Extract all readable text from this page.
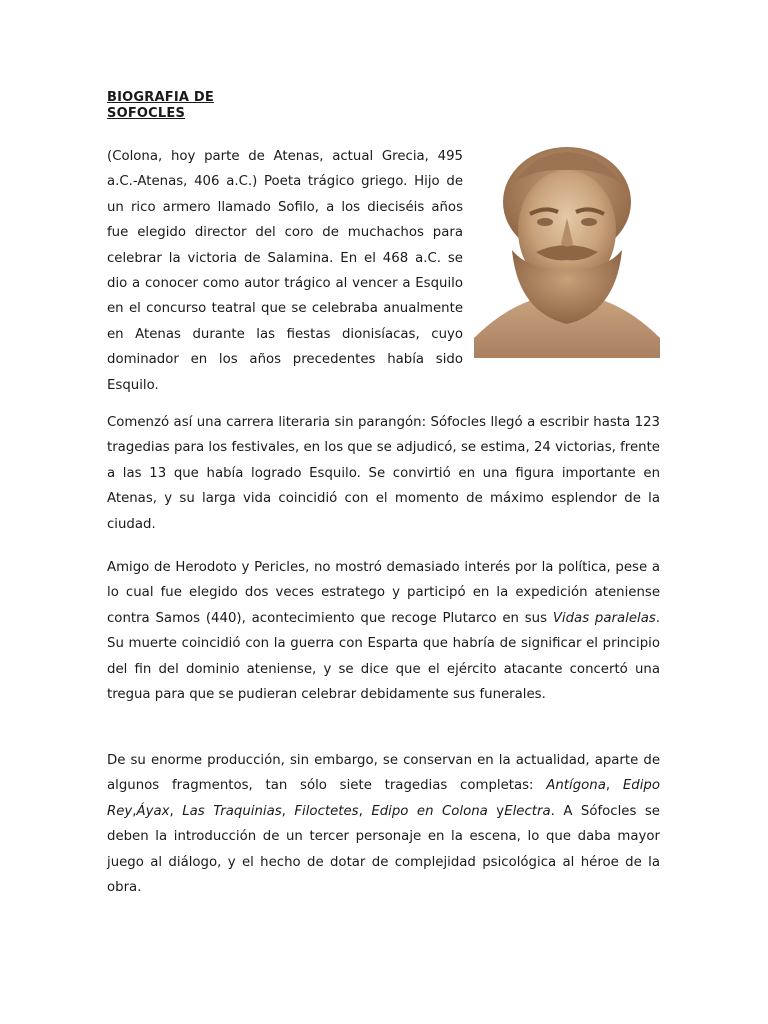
BIOGRAFIA DE
SOFOCLES

(Colona, hoy parte de Atenas, actual Grecia, 495 a.C.-Atenas, 406 a.C.) Poeta trágico griego. Hijo de un rico armero llamado Sofilo, a los dieciséis años fue elegido director del coro de muchachos para celebrar la victoria de Salamina. En el 468 a.C. se dio a conocer como autor trágico al vencer a Esquilo en el concurso teatral que se celebraba anualmente en Atenas durante las fiestas dionisíacas, cuyo dominador en los años precedentes había sido Esquilo.

Comenzó así una carrera literaria sin parangón: Sófocles llegó a escribir hasta 123 tragedias para los festivales, en los que se adjudicó, se estima, 24 victorias, frente a las 13 que había logrado Esquilo. Se convirtió en una figura importante en Atenas, y su larga vida coincidió con el momento de máximo esplendor de la ciudad.

Amigo de Herodoto y Pericles, no mostró demasiado interés por la política, pese a lo cual fue elegido dos veces estratego y participó en la expedición ateniense contra Samos (440), acontecimiento que recoge Plutarco en sus Vidas paralelas. Su muerte coincidió con la guerra con Esparta que habría de significar el principio del fin del dominio ateniense, y se dice que el ejército atacante concertó una tregua para que se pudieran celebrar debidamente sus funerales.

De su enorme producción, sin embargo, se conservan en la actualidad, aparte de algunos fragmentos, tan sólo siete tragedias completas: Antígona, Edipo Rey,Áyax, Las Traquinias, Filoctetes, Edipo en Colona yElectra. A Sófocles se deben la introducción de un tercer personaje en la escena, lo que daba mayor juego al diálogo, y el hecho de dotar de complejidad psicológica al héroe de la obra.
